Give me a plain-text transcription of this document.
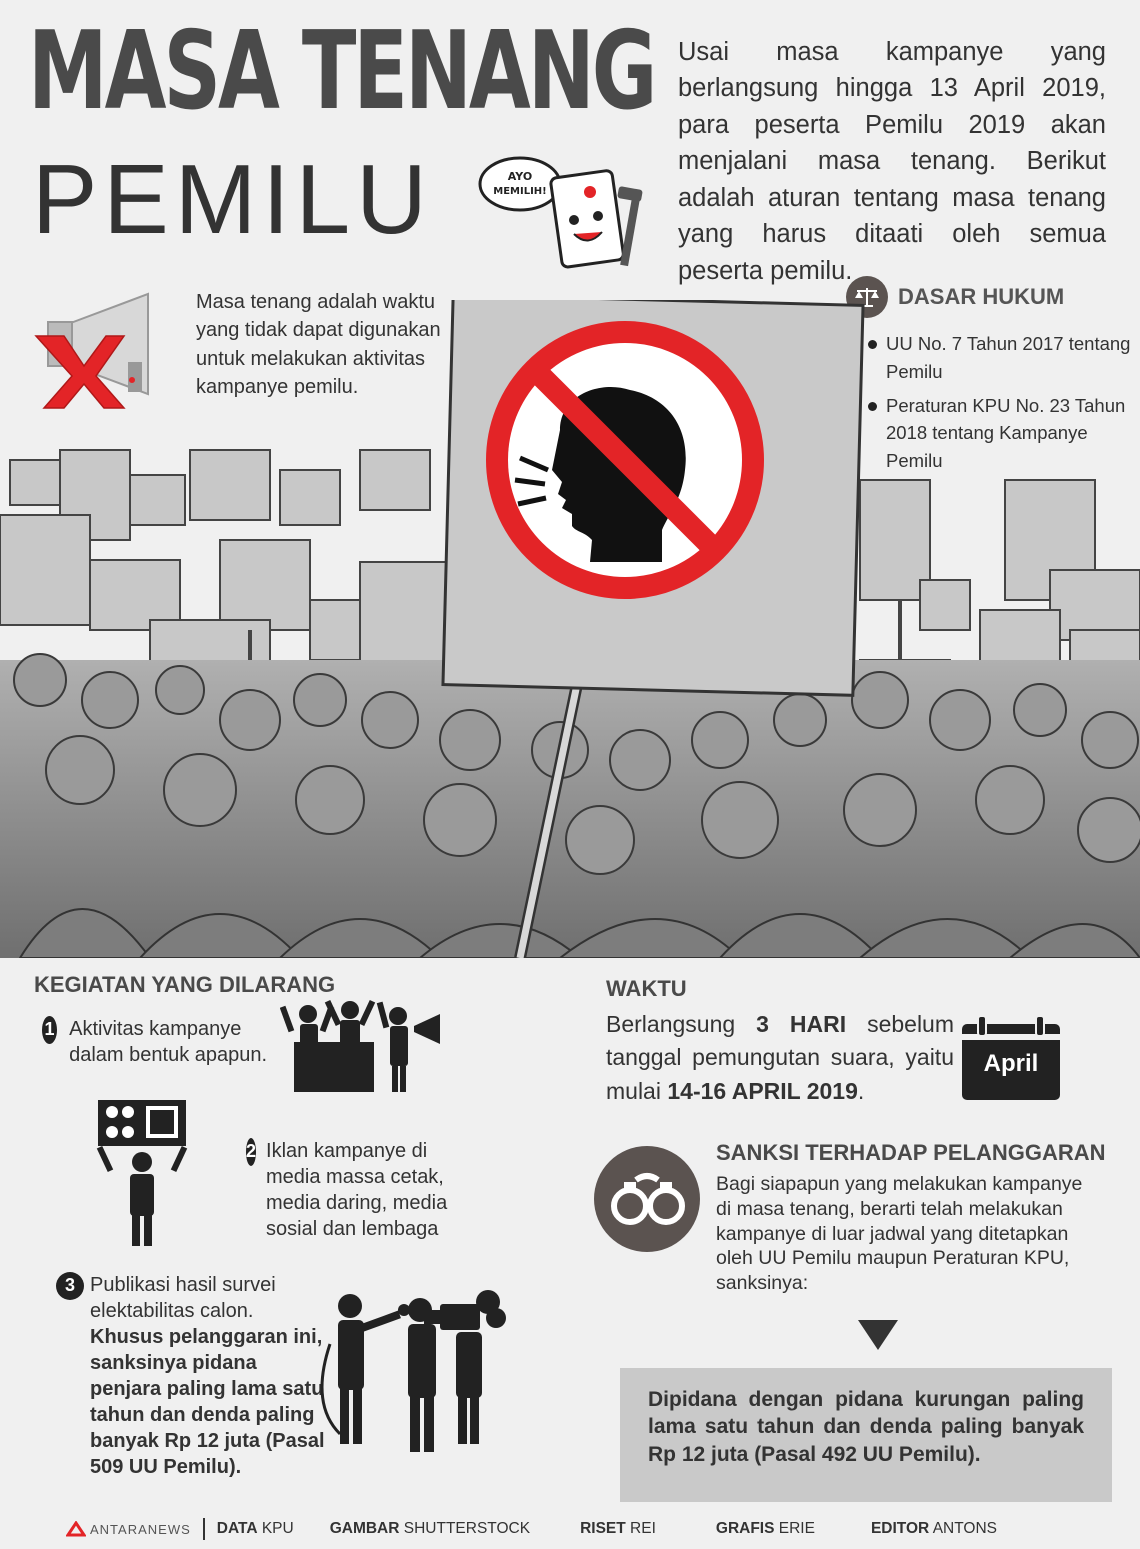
MASA TENANG
PEMILU
Usai masa kampanye yang berlangsung hingga 13 April 2019, para peserta Pemilu 2019 akan menjalani masa tenang. Berikut adalah aturan tentang masa tenang yang harus ditaati oleh semua peserta pemilu.
AYO
MEMILIH!
Masa tenang adalah waktu yang tidak dapat digunakan untuk melakukan aktivitas kampanye pemilu.
DASAR HUKUM
UU No. 7 Tahun 2017 tentang Pemilu
Peraturan KPU No. 23 Tahun 2018 tentang Kampanye Pemilu
KEGIATAN YANG DILARANG
1 Aktivitas kampanye dalam bentuk apapun.
2 Iklan kampanye di media massa cetak, media daring, media sosial dan lembaga
3 Publikasi hasil survei elektabilitas calon.
Khusus pelanggaran ini, sanksinya pidana penjara paling lama satu tahun dan denda paling banyak Rp 12 juta (Pasal 509 UU Pemilu).
WAKTU
Berlangsung 3 HARI sebelum tanggal pemungutan suara, yaitu mulai 14-16 APRIL 2019.
April
SANKSI TERHADAP PELANGGARAN
Bagi siapapun yang melakukan kampanye di masa tenang, berarti telah melakukan kampanye di luar jadwal yang ditetapkan oleh UU Pemilu maupun Peraturan KPU, sanksinya:
Dipidana dengan pidana kurungan paling lama satu tahun dan denda paling banyak Rp 12 juta (Pasal 492 UU Pemilu).
ANTARANEWS DATA KPU GAMBAR SHUTTERSTOCK	RISET REI	GRAFIS ERIE	EDITOR ANTONS
